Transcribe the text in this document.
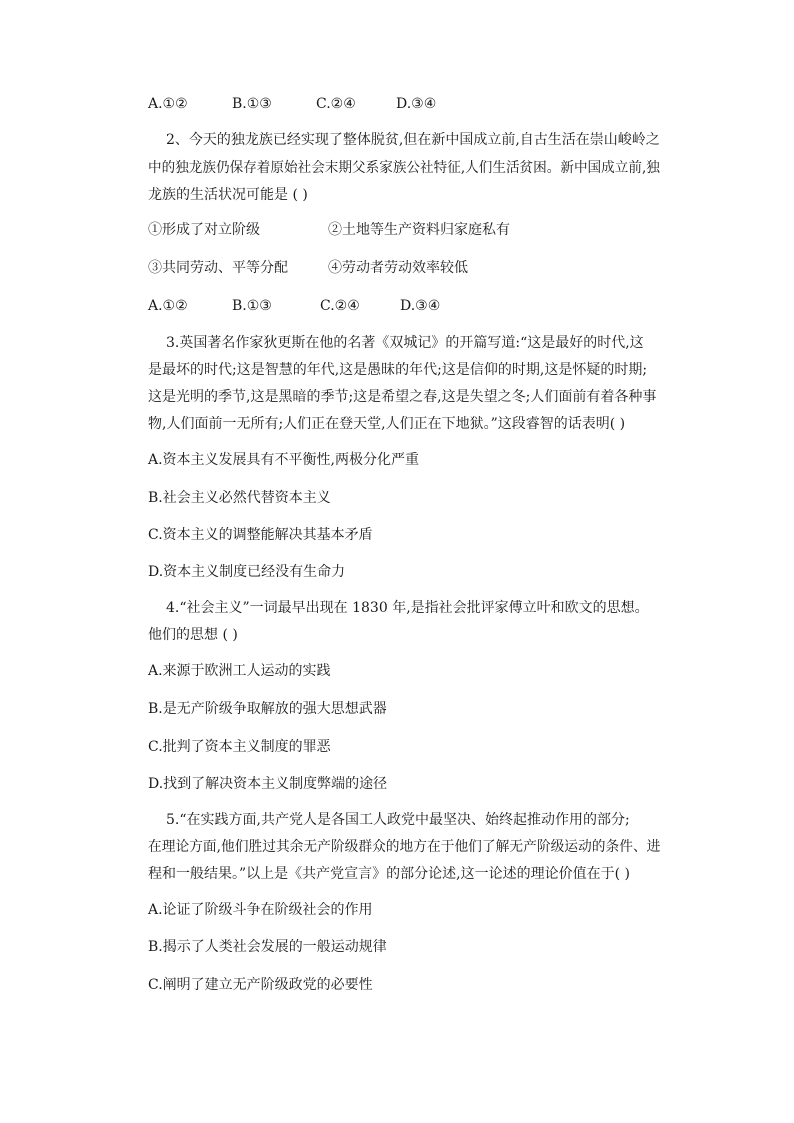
A.①②	B.①③	C.②④	D.③④
2、今天的独龙族已经实现了整体脱贫,但在新中国成立前,自古生活在崇山峻岭之
中的独龙族仍保存着原始社会末期父系家族公社特征,人们生活贫困。新中国成立前,独
龙族的生活状况可能是 ( )
①形成了对立阶级	②土地等生产资料归家庭私有
③共同劳动、平等分配	④劳动者劳动效率较低
A.①②	B.①③	C.②④	D.③④
3.英国著名作家狄更斯在他的名著《双城记》的开篇写道:“这是最好的时代,这
是最坏的时代;这是智慧的年代,这是愚昧的年代;这是信仰的时期,这是怀疑的时期;
这是光明的季节,这是黑暗的季节;这是希望之春,这是失望之冬;人们面前有着各种事
物,人们面前一无所有;人们正在登天堂,人们正在下地狱。”这段睿智的话表明( )
A.资本主义发展具有不平衡性,两极分化严重
B.社会主义必然代替资本主义
C.资本主义的调整能解决其基本矛盾
D.资本主义制度已经没有生命力
4.“社会主义”一词最早出现在 1830 年,是指社会批评家傅立叶和欧文的思想。
他们的思想 ( )
A.来源于欧洲工人运动的实践
B.是无产阶级争取解放的强大思想武器
C.批判了资本主义制度的罪恶
D.找到了解决资本主义制度弊端的途径
5.“在实践方面,共产党人是各国工人政党中最坚决、始终起推动作用的部分;
在理论方面,他们胜过其余无产阶级群众的地方在于他们了解无产阶级运动的条件、进
程和一般结果。”以上是《共产党宣言》的部分论述,这一论述的理论价值在于( )
A.论证了阶级斗争在阶级社会的作用
B.揭示了人类社会发展的一般运动规律
C.阐明了建立无产阶级政党的必要性
